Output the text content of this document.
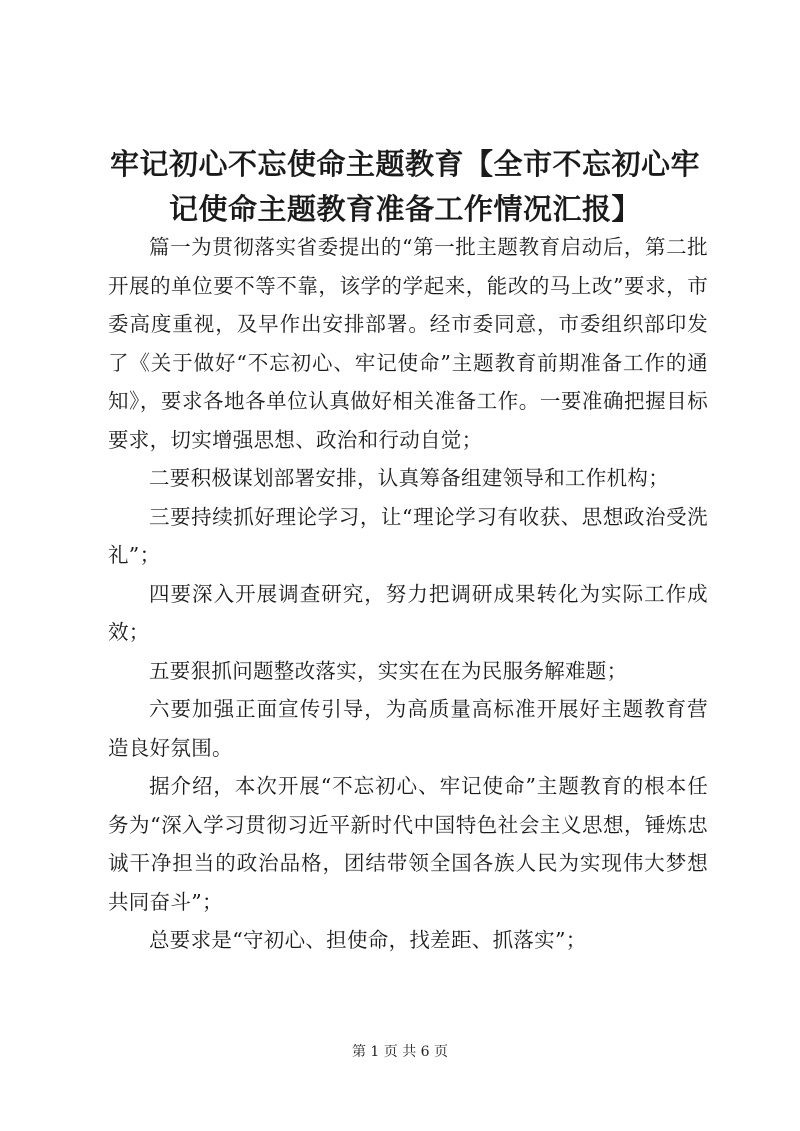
牢记初心不忘使命主题教育【全市不忘初心牢记使命主题教育准备工作情况汇报】

篇一为贯彻落实省委提出的“第一批主题教育启动后，第二批开展的单位要不等不靠，该学的学起来，能改的马上改”要求，市委高度重视，及早作出安排部署。经市委同意，市委组织部印发了《关于做好“不忘初心、牢记使命”主题教育前期准备工作的通知》，要求各地各单位认真做好相关准备工作。一要准确把握目标要求，切实增强思想、政治和行动自觉；

二要积极谋划部署安排，认真筹备组建领导和工作机构；

三要持续抓好理论学习，让“理论学习有收获、思想政治受洗礼”；

四要深入开展调查研究，努力把调研成果转化为实际工作成效；

五要狠抓问题整改落实，实实在在为民服务解难题；

六要加强正面宣传引导，为高质量高标准开展好主题教育营造良好氛围。

据介绍，本次开展“不忘初心、牢记使命”主题教育的根本任务为“深入学习贯彻习近平新时代中国特色社会主义思想，锤炼忠诚干净担当的政治品格，团结带领全国各族人民为实现伟大梦想共同奋斗”；

总要求是“守初心、担使命，找差距、抓落实”；

第 1 页 共 6 页
